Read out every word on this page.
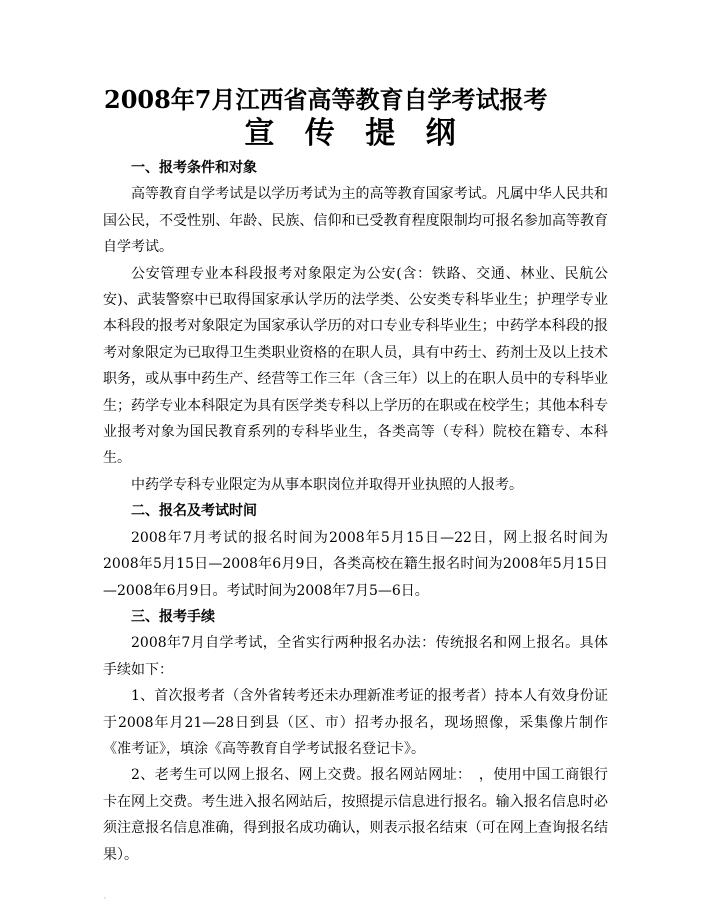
2008年7月江西省高等教育自学考试报考
宣 传 提 纲
一、报考条件和对象

高等教育自学考试是以学历考试为主的高等教育国家考试。凡属中华人民共和国公民，不受性别、年龄、民族、信仰和已受教育程度限制均可报名参加高等教育自学考试。

公安管理专业本科段报考对象限定为公安(含：铁路、交通、林业、民航公安)、武装警察中已取得国家承认学历的法学类、公安类专科毕业生；护理学专业本科段的报考对象限定为国家承认学历的对口专业专科毕业生；中药学本科段的报考对象限定为已取得卫生类职业资格的在职人员，具有中药士、药剂士及以上技术职务，或从事中药生产、经营等工作三年（含三年）以上的在职人员中的专科毕业生；药学专业本科限定为具有医学类专科以上学历的在职或在校学生；其他本科专业报考对象为国民教育系列的专科毕业生，各类高等（专科）院校在籍专、本科生。

中药学专科专业限定为从事本职岗位并取得开业执照的人报考。

二、报名及考试时间

2008年7月考试的报名时间为2008年5月15日—22日，网上报名时间为2008年5月15日—2008年6月9日，各类高校在籍生报名时间为2008年5月15日—2008年6月9日。考试时间为2008年7月5—6日。

三、报考手续

2008年7月自学考试，全省实行两种报名办法：传统报名和网上报名。具体手续如下：

1、首次报考者（含外省转考还未办理新准考证的报考者）持本人有效身份证于2008年月21—28日到县（区、市）招考办报名，现场照像，采集像片制作《准考证》，填涂《高等教育自学考试报名登记卡》。

2、老考生可以网上报名、网上交费。报名网站网址：　，使用中国工商银行卡在网上交费。考生进入报名网站后，按照提示信息进行报名。输入报名信息时必须注意报名信息准确，得到报名成功确认，则表示报名结束（可在网上查询报名结果）。
